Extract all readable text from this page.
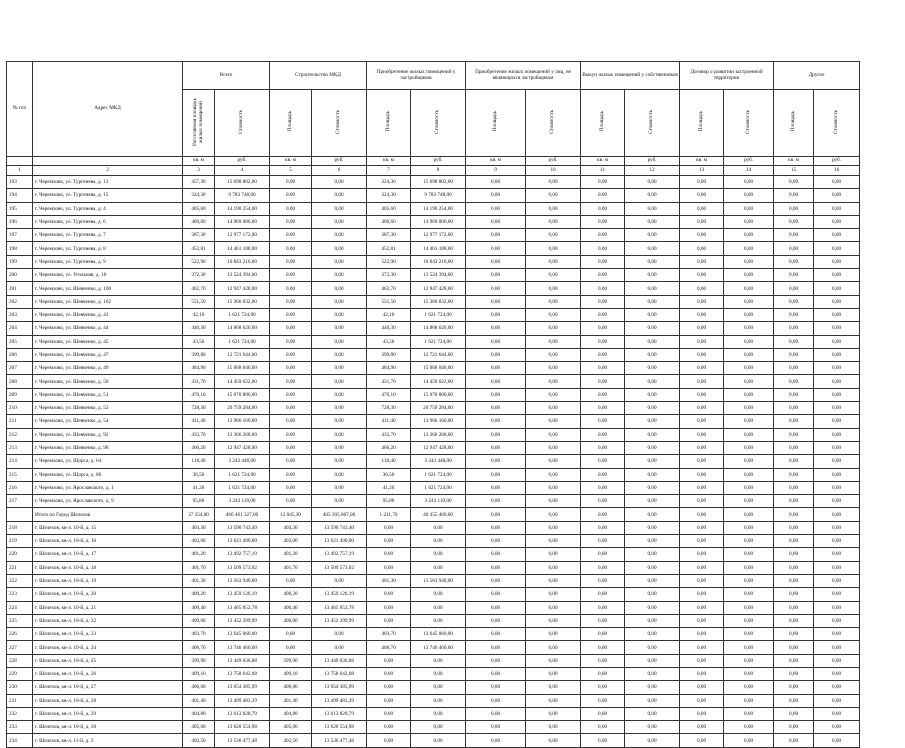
№ п/п	Адрес МКД	Всего		Строительство МКД		Приобретение жилых помещений у застройщиков		Приобретение жилых помещений у лиц, не являющихся застройщиком		Выкуп жилых помещений у собственников		Договор о развитии застроенной территории		Другое	
		Расселяемая площадь жилых помещений	Стоимость	Площадь	Стоимость	Площадь	Стоимость	Площадь	Стоимость	Площадь	Стоимость	Площадь	Стоимость	Площадь	Стоимость
		кв. м	руб.	кв. м	руб.	кв. м	руб.	кв. м	руб.	кв. м	руб.	кв. м	руб.	кв. м	руб.
1	2	3	4	5	6	7	8	9	10	11	12	13	14	15	16
193	г. Черемхово, ул. Тургенева, д. 13	457,30	15 698 802,00	0,00	0,00	324,30	15 698 802,00	0,00	0,00	0,00	0,00	0,00	0,00	0,00	0,00
194	г. Черемхово, ул. Тургенева, д. 15	324,30	9 783 748,00	0,00	0,00	324,30	9 783 748,00	0,00	0,00	0,00	0,00	0,00	0,00	0,00	0,00
195	г. Черемхово, ул. Тургенева, д. 4	405,60	14 190 254,00	0,00	0,00	405,60	14 190 254,00	0,00	0,00	0,00	0,00	0,00	0,00	0,00	0,00
196	г. Черемхово, ул. Тургенева, д. 6	460,60	14 969 006,00	0,00	0,00	460,60	14 969 006,00	0,00	0,00	0,00	0,00	0,00	0,00	0,00	0,00
197	г. Черемхово, ул. Тургенева, д. 7	387,30	12 977 172,00	0,00	0,00	387,30	12 977 172,00	0,00	0,00	0,00	0,00	0,00	0,00	0,00	0,00
198	г. Черемхово, ул. Тургенева, д. 8	452,81	14 461 188,00	0,00	0,00	452,81	14 461 188,00	0,00	0,00	0,00	0,00	0,00	0,00	0,00	0,00
199	г. Черемхово, ул. Тургенева, д. 9	522,90	16 843 216,00	0,00	0,00	522,90	16 843 216,00	0,00	0,00	0,00	0,00	0,00	0,00	0,00	0,00
200	г. Черемхово, ул. Угольная, д. 10	372,30	13 524 394,00	0,00	0,00	372,30	13 524 394,00	0,00	0,00	0,00	0,00	0,00	0,00	0,00	0,00
201	г. Черемхово, ул. Шевченко, д. 100	462,70	12 947 428,00	0,00	0,00	462,70	12 947 428,00	0,00	0,00	0,00	0,00	0,00	0,00	0,00	0,00
202	г. Черемхово, ул. Шевченко, д. 102	551,50	15 366 832,00	0,00	0,00	551,50	15 366 832,00	0,00	0,00	0,00	0,00	0,00	0,00	0,00	0,00
203	г. Черемхово, ул. Шевченко, д. 43	42,10	1 621 724,00	0,00	0,00	42,10	1 621 724,00	0,00	0,00	0,00	0,00	0,00	0,00	0,00	0,00
204	г. Черемхово, ул. Шевченко, д. 44	440,30	14 868 620,00	0,00	0,00	440,30	14 868 620,00	0,00	0,00	0,00	0,00	0,00	0,00	0,00	0,00
205	г. Черемхово, ул. Шевченко, д. 45	43,50	1 621 724,00	0,00	0,00	43,50	1 621 724,00	0,00	0,00	0,00	0,00	0,00	0,00	0,00	0,00
206	г. Черемхово, ул. Шевченко, д. 47	399,80	12 721 644,00	0,00	0,00	399,80	12 721 644,00	0,00	0,00	0,00	0,00	0,00	0,00	0,00	0,00
207	г. Черемхово, ул. Шевченко, д. 49	484,90	15 068 040,00	0,00	0,00	484,90	15 068 040,00	0,00	0,00	0,00	0,00	0,00	0,00	0,00	0,00
208	г. Черемхово, ул. Шевченко, д. 50	431,70	14 459 022,00	0,00	0,00	431,70	14 459 022,00	0,00	0,00	0,00	0,00	0,00	0,00	0,00	0,00
209	г. Черемхово, ул. Шевченко, д. 51	476,10	15 070 806,00	0,00	0,00	476,10	15 070 806,00	0,00	0,00	0,00	0,00	0,00	0,00	0,00	0,00
210	г. Черемхово, ул. Шевченко, д. 52	728,30	20 759 284,00	0,00	0,00	728,30	20 759 284,00	0,00	0,00	0,00	0,00	0,00	0,00	0,00	0,00
211	г. Черемхово, ул. Шевченко, д. 54	411,40	13 966 160,00	0,00	0,00	411,40	13 966 160,00	0,00	0,00	0,00	0,00	0,00	0,00	0,00	0,00
212	г. Черемхово, ул. Шевченко, д. 92	433,70	13 366 268,00	0,00	0,00	433,70	13 366 268,00	0,00	0,00	0,00	0,00	0,00	0,00	0,00	0,00
213	г. Черемхово, ул. Шевченко, д. 98	466,20	12 947 428,00	0,00	0,00	466,20	12 947 428,00	0,00	0,00	0,00	0,00	0,00	0,00	0,00	0,00
214	г. Черемхово, ул. Щорса, д. 64	118,40	3 243 448,00	0,00	0,00	118,40	3 243 448,00	0,00	0,00	0,00	0,00	0,00	0,00	0,00	0,00
215	г. Черемхово, ул. Щорса, д. 80	36,50	1 621 724,00	0,00	0,00	36,50	1 621 724,00	0,00	0,00	0,00	0,00	0,00	0,00	0,00	0,00
216	г. Черемхово, ул. Ярославского, д. 1	41,20	1 621 724,00	0,00	0,00	41,20	1 621 724,00	0,00	0,00	0,00	0,00	0,00	0,00	0,00	0,00
217	г. Черемхово, ул. Ярославского, д. 9	95,80	3 243 110,00	0,00	0,00	95,80	3 243 110,00	0,00	0,00	0,00	0,00	0,00	0,00	0,00	0,00
	Итого по Город Шелехов	37 254,00	466 461 327,00	12 045,30	405 305 867,00	1 211,70	40 455 460,00	0,00	0,00	0,00	0,00	0,00	0,00	0,00	0,00
218	г. Шелехов, кв-л. 10-й, д. 15	403,30	13 590 743,40	403,30	13 590 743,40	0,00	0,00	0,00	0,00	0,00	0,00	0,00	0,00	0,00	0,00
219	г. Шелехов, кв-л. 10-й, д. 16	403,00	13 621 490,00	403,00	13 621 490,00	0,00	0,00	0,00	0,00	0,00	0,00	0,00	0,00	0,00	0,00
220	г. Шелехов, кв-л. 10-й, д. 17	401,20	13 492 757,19	401,20	13 492 757,19	0,00	0,00	0,00	0,00	0,00	0,00	0,00	0,00	0,00	0,00
221	г. Шелехов, кв-л. 10-й, д. 18	401,70	13 509 573,02	401,70	13 509 573,02	0,00	0,00	0,00	0,00	0,00	0,00	0,00	0,00	0,00	0,00
222	г. Шелехов, кв-л. 10-й, д. 19	401,30	13 563 940,00	0,00	0,00	401,30	13 563 940,00	0,00	0,00	0,00	0,00	0,00	0,00	0,00	0,00
223	г. Шелехов, кв-л. 10-й, д. 20	400,20	13 459 126,19	400,20	13 459 126,19	0,00	0,00	0,00	0,00	0,00	0,00	0,00	0,00	0,00	0,00
224	г. Шелехов, кв-л. 10-й, д. 21	400,40	13 465 852,78	400,40	13 465 852,78	0,00	0,00	0,00	0,00	0,00	0,00	0,00	0,00	0,00	0,00
225	г. Шелехов, кв-л. 10-й, д. 22	400,00	13 452 399,99	400,00	13 452 399,99	0,00	0,00	0,00	0,00	0,00	0,00	0,00	0,00	0,00	0,00
226	г. Шелехов, кв-л. 10-й, д. 23	403,70	13 645 060,00	0,00	0,00	403,70	13 645 060,00	0,00	0,00	0,00	0,00	0,00	0,00	0,00	0,00
227	г. Шелехов, кв-л. 10-й, д. 24	406,70	13 746 460,00	0,00	0,00	406,70	13 746 460,00	0,00	0,00	0,00	0,00	0,00	0,00	0,00	0,00
228	г. Шелехов, кв-л. 10-й, д. 25	399,90	13 449 036,88	399,90	13 449 036,88	0,00	0,00	0,00	0,00	0,00	0,00	0,00	0,00	0,00	0,00
229	г. Шелехов, кв-л. 10-й, д. 26	409,10	13 758 642,08	409,10	13 758 642,08	0,00	0,00	0,00	0,00	0,00	0,00	0,00	0,00	0,00	0,00
230	г. Шелехов, кв-л. 10-й, д. 27	406,00	13 654 385,99	406,00	13 654 385,99	0,00	0,00	0,00	0,00	0,00	0,00	0,00	0,00	0,00	0,00
231	г. Шелехов, кв-л. 10-й, д. 28	401,40	13 499 483,39	401,40	13 499 483,39	0,00	0,00	0,00	0,00	0,00	0,00	0,00	0,00	0,00	0,00
232	г. Шелехов, кв-л. 10-й, д. 29	404,80	13 613 828,79	404,80	13 613 828,79	0,00	0,00	0,00	0,00	0,00	0,00	0,00	0,00	0,00	0,00
233	г. Шелехов, кв-л. 10-й, д. 30	405,00	13 620 554,98	405,00	13 620 554,98	0,00	0,00	0,00	0,00	0,00	0,00	0,00	0,00	0,00	0,00
234	г. Шелехов, кв-л. 11-й, д. 3	402,50	13 536 477,48	402,50	13 536 477,48	0,00	0,00	0,00	0,00	0,00	0,00	0,00	0,00	0,00	0,00
